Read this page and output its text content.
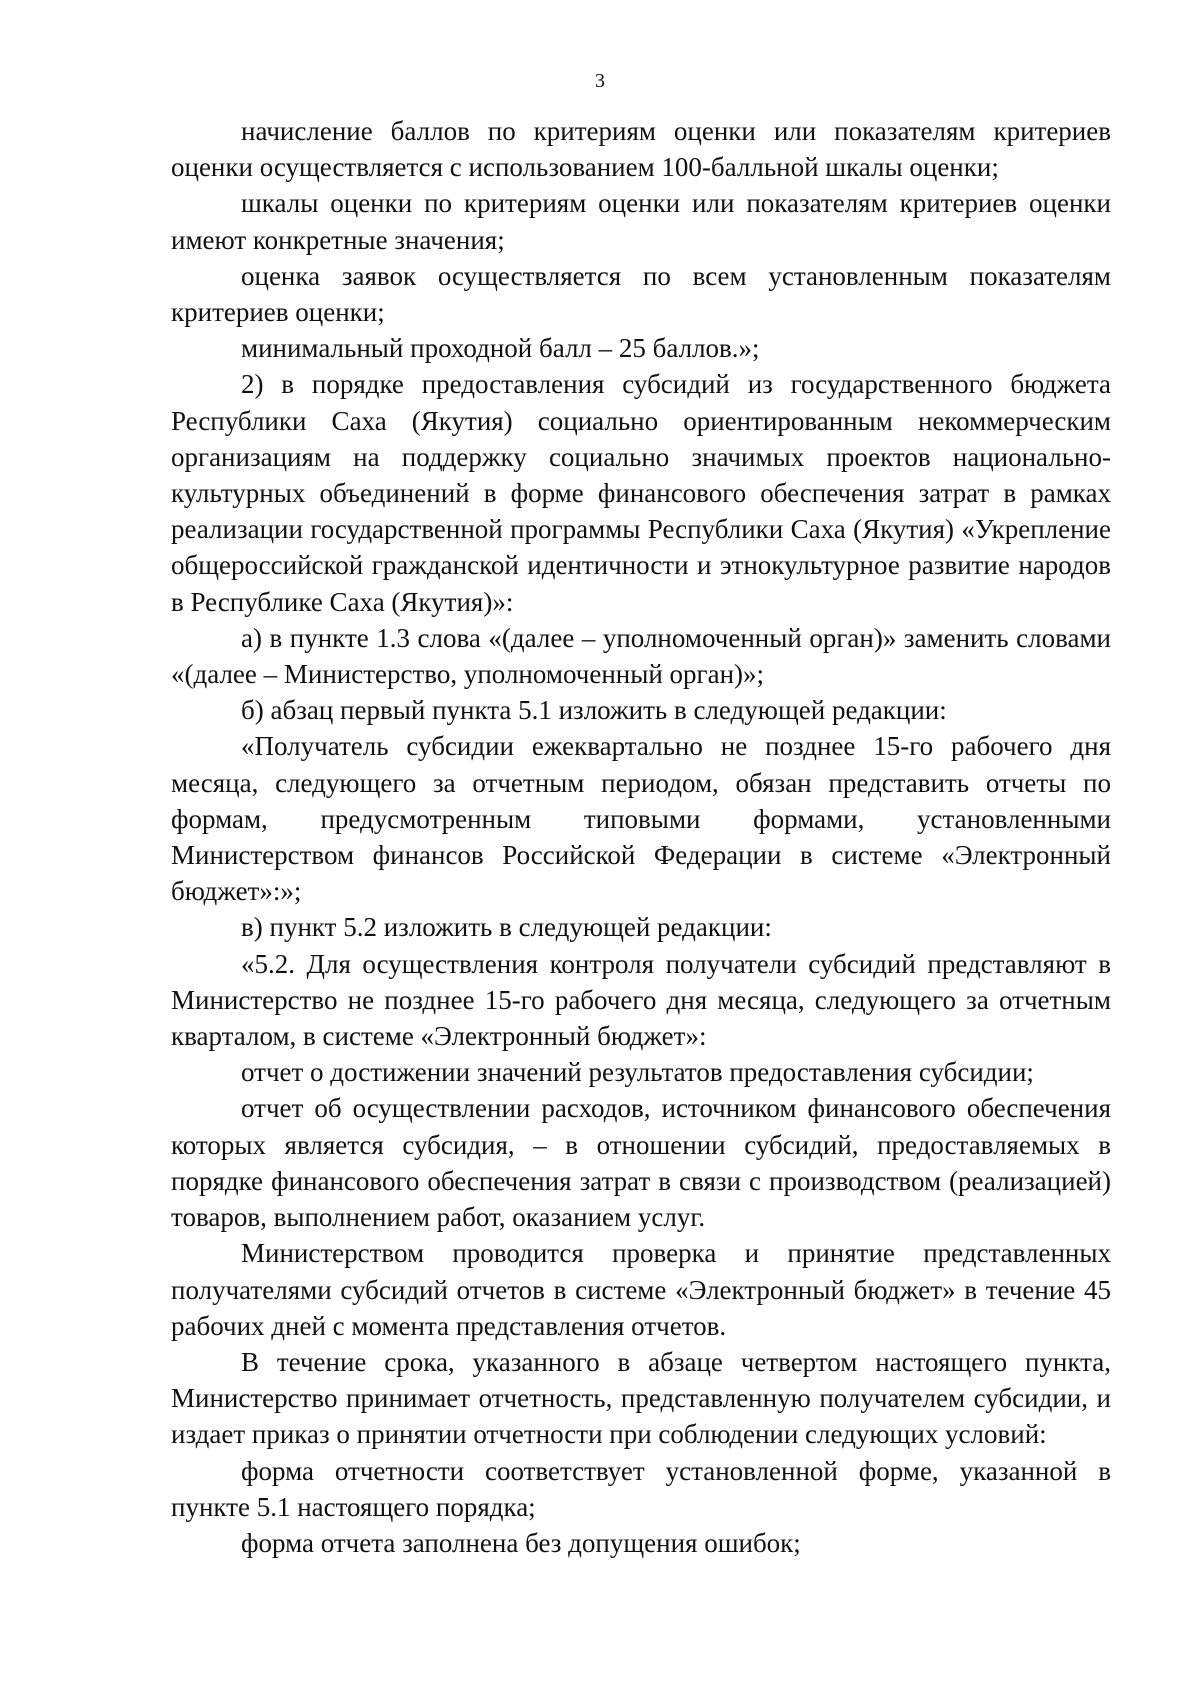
3

начисление баллов по критериям оценки или показателям критериев оценки осуществляется с использованием 100-балльной шкалы оценки;

шкалы оценки по критериям оценки или показателям критериев оценки имеют конкретные значения;

оценка заявок осуществляется по всем установленным показателям критериев оценки;

минимальный проходной балл – 25 баллов.»;

2) в порядке предоставления субсидий из государственного бюджета Республики Саха (Якутия) социально ориентированным некоммерческим организациям на поддержку социально значимых проектов национально-культурных объединений в форме финансового обеспечения затрат в рамках реализации государственной программы Республики Саха (Якутия) «Укрепление общероссийской гражданской идентичности и этнокультурное развитие народов в Республике Саха (Якутия)»:

а) в пункте 1.3 слова «(далее – уполномоченный орган)» заменить словами «(далее – Министерство, уполномоченный орган)»;

б) абзац первый пункта 5.1 изложить в следующей редакции:

«Получатель субсидии ежеквартально не позднее 15-го рабочего дня месяца, следующего за отчетным периодом, обязан представить отчеты по формам, предусмотренным типовыми формами, установленными Министерством финансов Российской Федерации в системе «Электронный бюджет»:»;

в) пункт 5.2 изложить в следующей редакции:

«5.2. Для осуществления контроля получатели субсидий представляют в Министерство не позднее 15-го рабочего дня месяца, следующего за отчетным кварталом, в системе «Электронный бюджет»:

отчет о достижении значений результатов предоставления субсидии;

отчет об осуществлении расходов, источником финансового обеспечения которых является субсидия, – в отношении субсидий, предоставляемых в порядке финансового обеспечения затрат в связи с производством (реализацией) товаров, выполнением работ, оказанием услуг.

Министерством проводится проверка и принятие представленных получателями субсидий отчетов в системе «Электронный бюджет» в течение 45 рабочих дней с момента представления отчетов.

В течение срока, указанного в абзаце четвертом настоящего пункта, Министерство принимает отчетность, представленную получателем субсидии, и издает приказ о принятии отчетности при соблюдении следующих условий:

форма отчетности соответствует установленной форме, указанной в пункте 5.1 настоящего порядка;

форма отчета заполнена без допущения ошибок;
